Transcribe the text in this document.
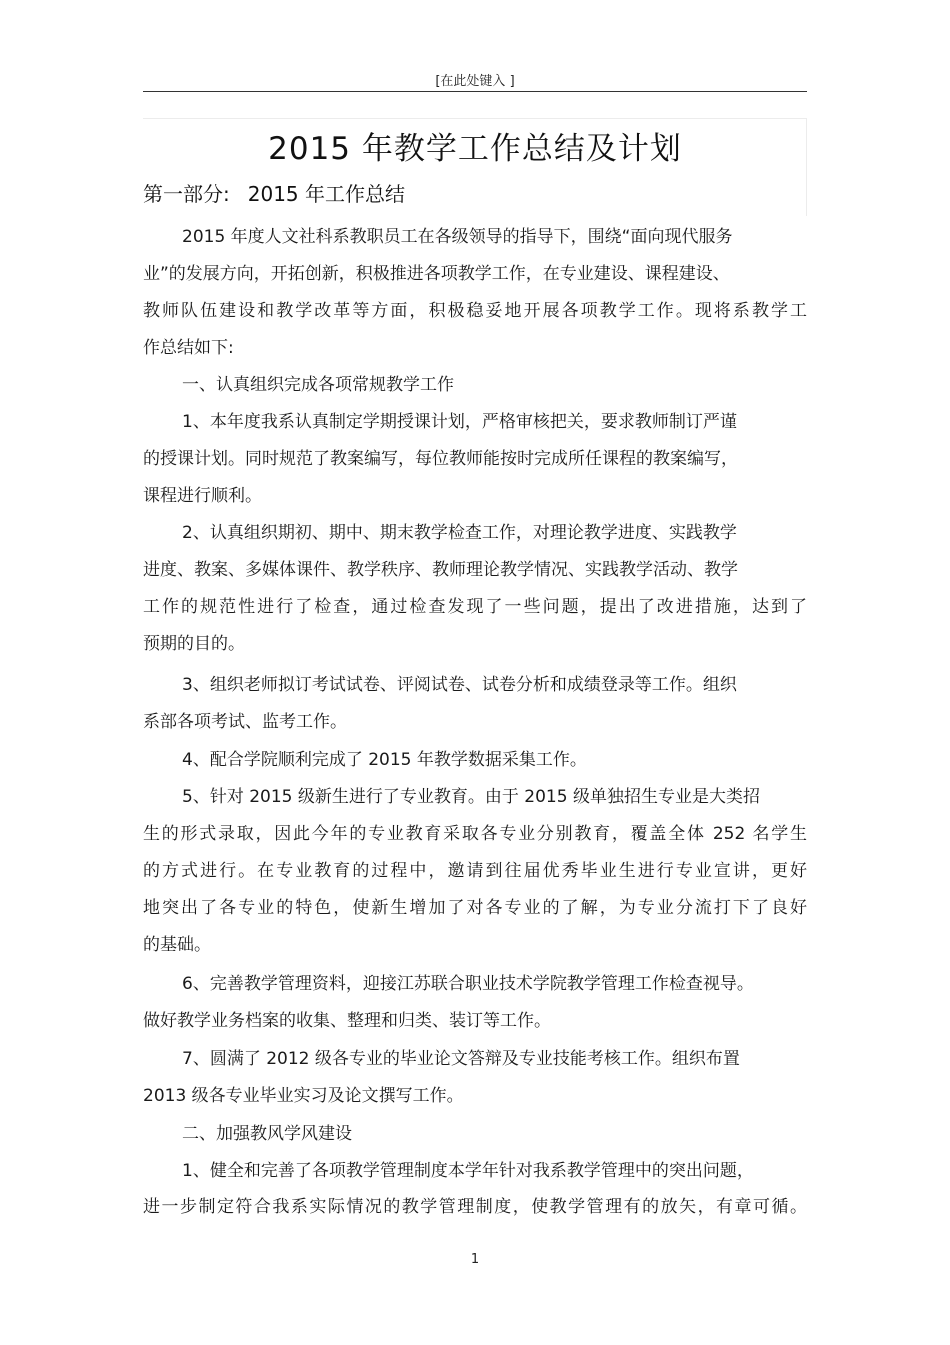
[在此处键入 ]
2015 年教学工作总结及计划
第一部分: 2015 年工作总结
2015 年度人文社科系教职员工在各级领导的指导下，围绕“面向现代服务
业”的发展方向，开拓创新，积极推进各项教学工作，在专业建设、课程建设、
教师队伍建设和教学改革等方面，积极稳妥地开展各项教学工作。现将系教学工
作总结如下:
一、认真组织完成各项常规教学工作
1、本年度我系认真制定学期授课计划，严格审核把关，要求教师制订严谨
的授课计划。同时规范了教案编写，每位教师能按时完成所任课程的教案编写，
课程进行顺利。
2、认真组织期初、期中、期末教学检查工作，对理论教学进度、实践教学
进度、教案、多媒体课件、教学秩序、教师理论教学情况、实践教学活动、教学
工作的规范性进行了检查，通过检查发现了一些问题，提出了改进措施，达到了
预期的目的。
3、组织老师拟订考试试卷、评阅试卷、试卷分析和成绩登录等工作。组织
系部各项考试、监考工作。
4、配合学院顺利完成了 2015 年教学数据采集工作。
5、针对 2015 级新生进行了专业教育。由于 2015 级单独招生专业是大类招
生的形式录取，因此今年的专业教育采取各专业分别教育，覆盖全体 252 名学生
的方式进行。在专业教育的过程中，邀请到往届优秀毕业生进行专业宣讲，更好
地突出了各专业的特色，使新生增加了对各专业的了解，为专业分流打下了良好
的基础。
6、完善教学管理资料，迎接江苏联合职业技术学院教学管理工作检查视导。
做好教学业务档案的收集、整理和归类、装订等工作。
7、圆满了 2012 级各专业的毕业论文答辩及专业技能考核工作。组织布置
2013 级各专业毕业实习及论文撰写工作。
二、加强教风学风建设
1、健全和完善了各项教学管理制度本学年针对我系教学管理中的突出问题，
进一步制定符合我系实际情况的教学管理制度，使教学管理有的放矢，有章可循。
1
